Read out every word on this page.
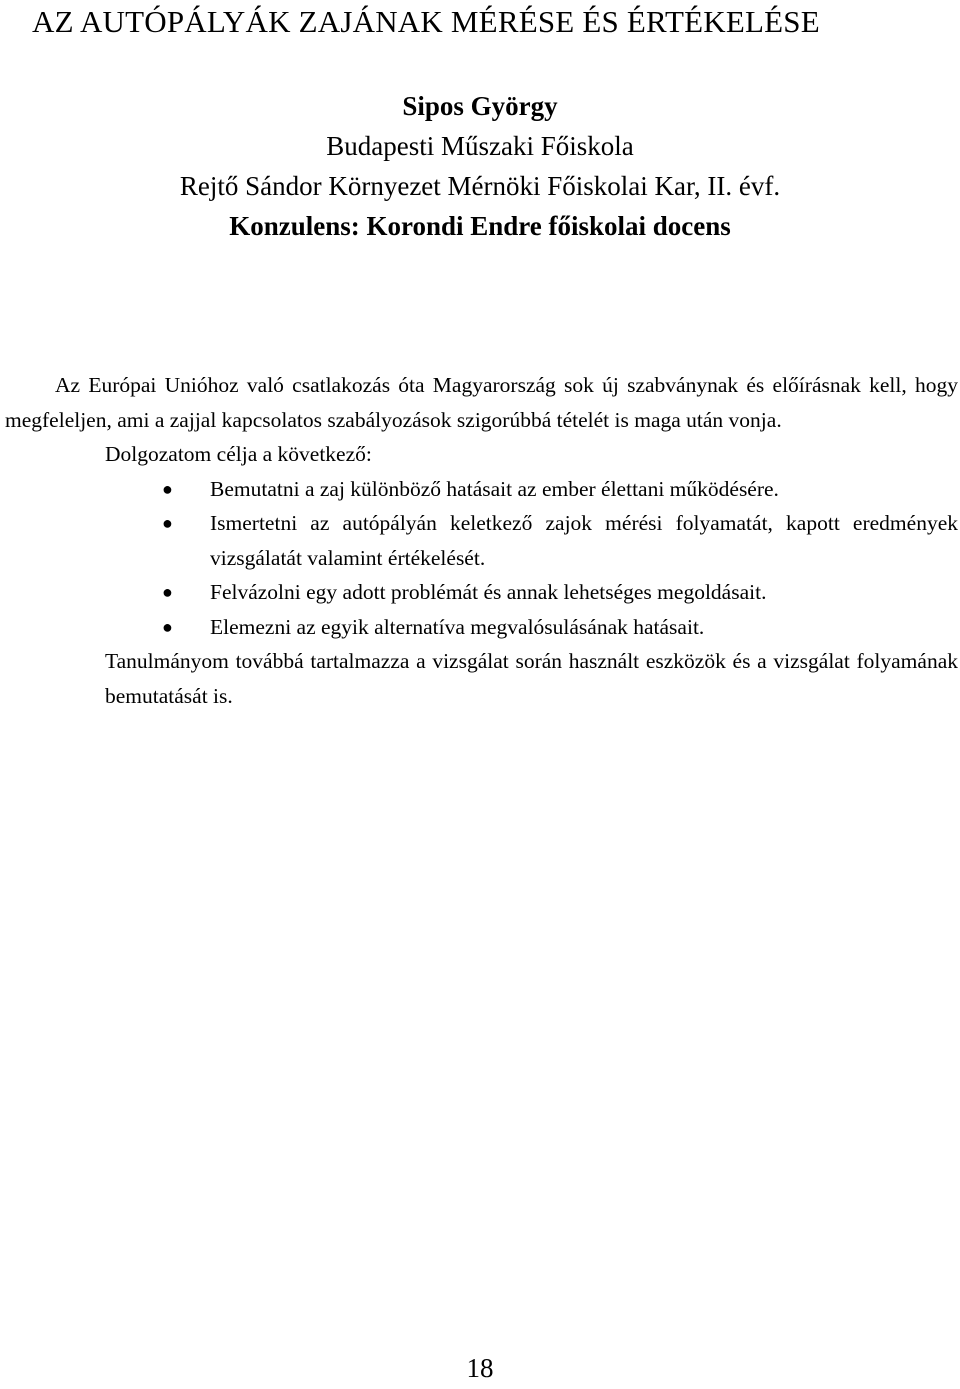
AZ AUTÓPÁLYÁK ZAJÁNAK MÉRÉSE ÉS ÉRTÉKELÉSE
Sipos György
Budapesti Műszaki Főiskola
Rejtő Sándor Környezet Mérnöki Főiskolai Kar, II. évf.
Konzulens: Korondi Endre főiskolai docens

Az Európai Unióhoz való csatlakozás óta Magyarország sok új szabványnak és előírásnak kell, hogy megfeleljen, ami a zajjal kapcsolatos szabályozások szigorúbbá tételét is maga után vonja.

Dolgozatom célja a következő:

● Bemutatni a zaj különböző hatásait az ember élettani működésére.
● Ismertetni az autópályán keletkező zajok mérési folyamatát, kapott eredmények vizsgálatát valamint értékelését.
● Felvázolni egy adott problémát és annak lehetséges megoldásait.
● Elemezni az egyik alternatíva megvalósulásának hatásait.

Tanulmányom továbbá tartalmazza a vizsgálat során használt eszközök és a vizsgálat folyamának bemutatását is.

18
